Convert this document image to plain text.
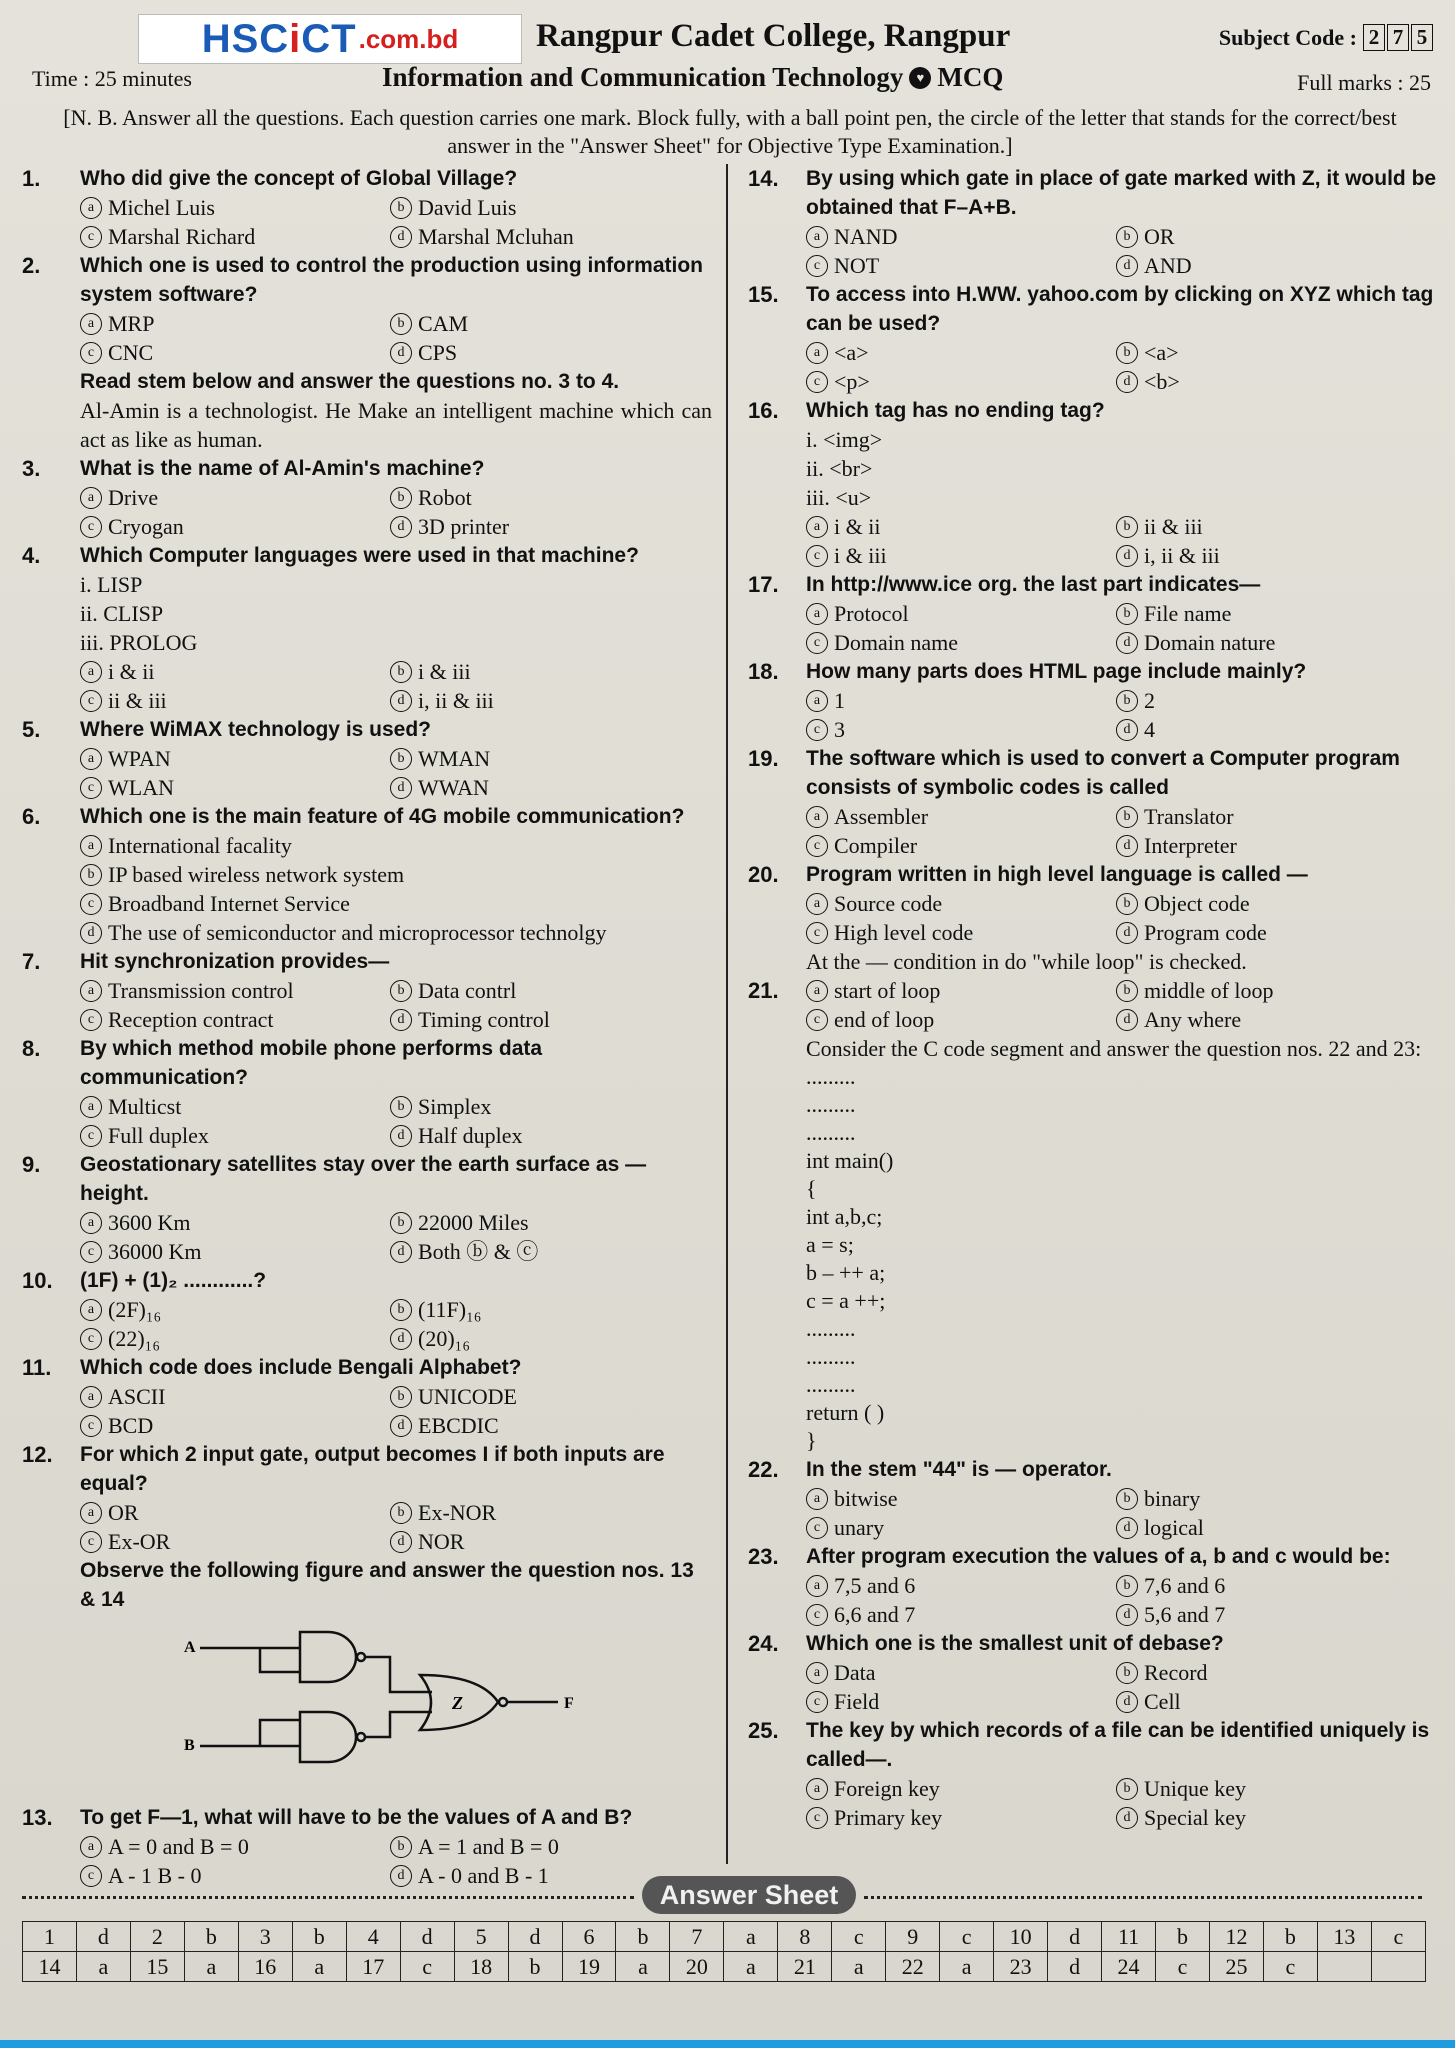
HSCiCT .com.bd Rangpur Cadet College, Rangpur	Subject Code : 2 7 5
Time : 25 minutes	Information and Communication Technology	♥ MCQ	Full marks : 25
[N. B. Answer all the questions. Each question carries one mark. Block fully, with a ball point pen, the circle of the letter that stands for the correct/best answer in the "Answer Sheet" for Objective Type Examination.]
1. Who did give the concept of Global Village?
a Michel Luis	b David Luis
c Marshal Richard	d Marshal Mcluhan
2. Which one is used to control the production using information system software?
a MRP	b CAM
c CNC	d CPS
Read stem below and answer the questions no. 3 to 4.
Al-Amin is a technologist. He Make an intelligent machine which can act as like as human.
3. What is the name of Al-Amin's machine?
a Drive	b Robot
c Cryogan	d 3D printer
4. Which Computer languages were used in that machine?
i. LISP
ii. CLISP
iii. PROLOG
a i & ii	b i & iii
c ii & iii	d i, ii & iii
5. Where WiMAX technology is used?
a WPAN	b WMAN
c WLAN	d WWAN
6. Which one is the main feature of 4G mobile communication?
a International facality
b IP based wireless network system
c Broadband Internet Service
d The use of semiconductor and microprocessor technolgy
7. Hit synchronization provides—
a Transmission control	b Data contrl
c Reception contract	d Timing control
8. By which method mobile phone performs data communication?
a Multicst	b Simplex
c Full duplex	d Half duplex
9. Geostationary satellites stay over the earth surface as — height.
a 3600 Km	b 22000 Miles
c 36000 Km	d Both ⓑ & ⓒ
10. (1F) + (1)₂ ............?
a (2F)₁₆	b (11F)₁₆
c (22)₁₆	d (20)₁₆
11. Which code does include Bengali Alphabet?
a ASCII	b UNICODE
c BCD	d EBCDIC
12. For which 2 input gate, output becomes I if both inputs are equal?
a OR	b Ex-NOR
c Ex-OR	d NOR
Observe the following figure and answer the question nos. 13 & 14
A
B
Z	F
13. To get F—1, what will have to be the values of A and B?
a A = 0 and B = 0	b A = 1 and B = 0
c A - 1 B - 0	d A - 0 and B - 1
14. By using which gate in place of gate marked with Z, it would be obtained that F–A+B.
a NAND	b OR
c NOT	d AND
15. To access into H.WW. yahoo.com by clicking on XYZ which tag can be used?
a <a>	b <a>
c <p>	d <b>
16. Which tag has no ending tag?
i. <img>
ii. <br>
iii. <u>
a i & ii	b ii & iii
c i & iii	d i, ii & iii
17. In http://www.ice org. the last part indicates—
a Protocol	b File name
c Domain name	d Domain nature
18. How many parts does HTML page include mainly?
a 1	b 2
c 3	d 4
19. The software which is used to convert a Computer program consists of symbolic codes is called
a Assembler	b Translator
c Compiler	d Interpreter
20. Program written in high level language is called —
a Source code	b Object code
c High level code	d Program code
At the — condition in do "while loop" is checked.
21.	a start of loop	b middle of loop
c end of loop	d Any where
Consider the C code segment and answer the question nos. 22 and 23:
.........
.........
.........
int main()
{
int a,b,c;
a = s;
b – ++ a;
c = a ++;
.........
.........
.........
return ( )
}
22. In the stem "44" is — operator.
a bitwise	b binary
c unary	d logical
23. After program execution the values of a, b and c would be:
a 7,5 and 6	b 7,6 and 6
c 6,6 and 7	d 5,6 and 7
24. Which one is the smallest unit of debase?
a Data	b Record
c Field	d Cell
25. The key by which records of a file can be identified uniquely is called—.
a Foreign key	b Unique key
c Primary key	d Special key
Answer Sheet
1	d	2	b	3	b	4	d	5	d	6	b	7	a	8	c	9	c	10	d	11	b	12	b	13	c
14	a	15	a	16	a	17	c	18	b	19	a	20	a	21	a	22	a	23	d	24	c	25	c		
